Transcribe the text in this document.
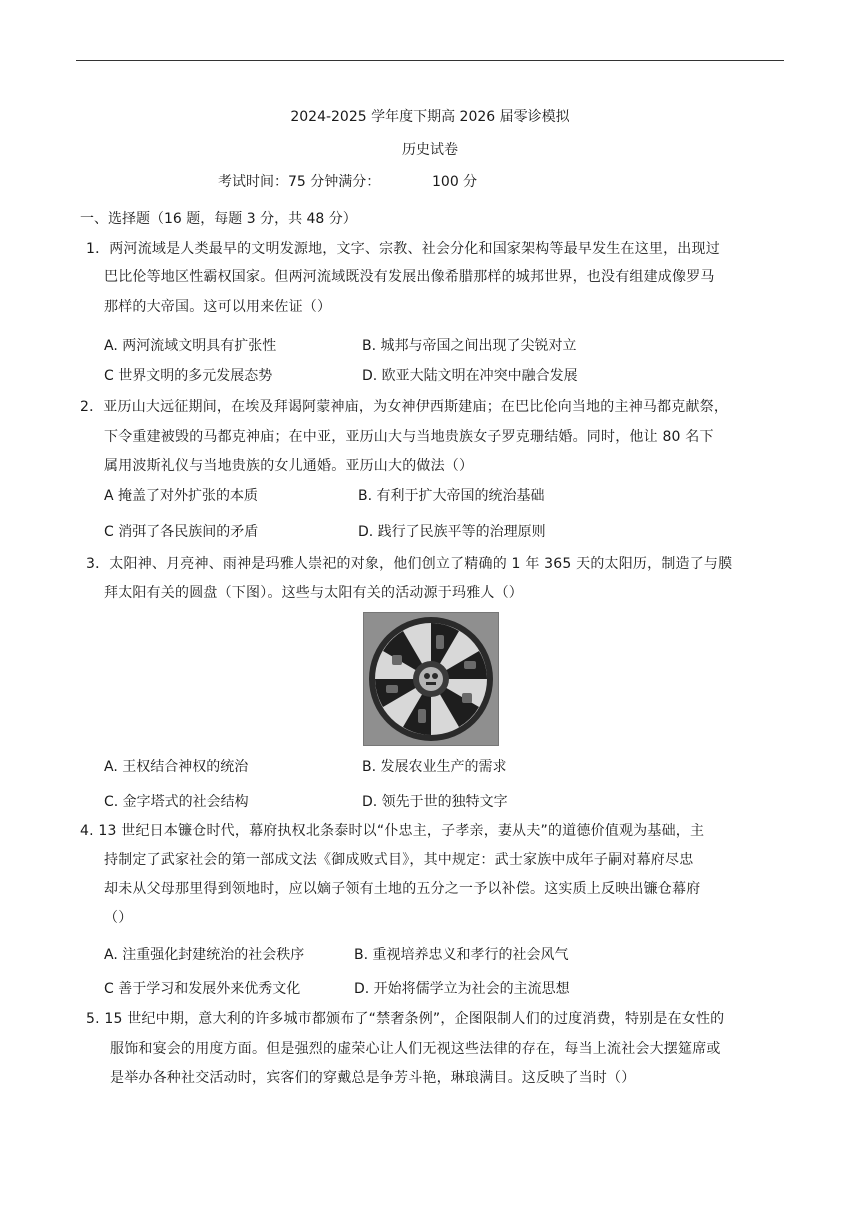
2024-2025 学年度下期高 2026 届零诊模拟
历史试卷
考试时间：75 分钟满分：	100 分
一、选择题（16 题，每题 3 分，共 48 分）
1．两河流域是人类最早的文明发源地，文字、宗教、社会分化和国家架构等最早发生在这里，出现过
巴比伦等地区性霸权国家。但两河流域既没有发展出像希腊那样的城邦世界，也没有组建成像罗马
那样的大帝国。这可以用来佐证（）
A. 两河流域文明具有扩张性	B. 城邦与帝国之间出现了尖锐对立
C 世界文明的多元发展态势	D. 欧亚大陆文明在冲突中融合发展
2．亚历山大远征期间，在埃及拜谒阿蒙神庙，为女神伊西斯建庙；在巴比伦向当地的主神马都克献祭，
下令重建被毁的马都克神庙；在中亚，亚历山大与当地贵族女子罗克珊结婚。同时，他让 80 名下
属用波斯礼仪与当地贵族的女儿通婚。亚历山大的做法（）
A 掩盖了对外扩张的本质	B. 有利于扩大帝国的统治基础
C 消弭了各民族间的矛盾	D. 践行了民族平等的治理原则
3．太阳神、月亮神、雨神是玛雅人崇祀的对象，他们创立了精确的 1 年 365 天的太阳历，制造了与膜
拜太阳有关的圆盘（下图）。这些与太阳有关的活动源于玛雅人（）
A. 王权结合神权的统治	B. 发展农业生产的需求
C. 金字塔式的社会结构	D. 领先于世的独特文字
4. 13 世纪日本镰仓时代，幕府执权北条泰时以“仆忠主，子孝亲，妻从夫”的道德价值观为基础，主
持制定了武家社会的第一部成文法《御成败式目》，其中规定：武士家族中成年子嗣对幕府尽忠
却未从父母那里得到领地时，应以嫡子领有土地的五分之一予以补偿。这实质上反映出镰仓幕府
（）
A. 注重强化封建统治的社会秩序	B. 重视培养忠义和孝行的社会风气
C 善于学习和发展外来优秀文化	D. 开始将儒学立为社会的主流思想
5. 15 世纪中期，意大利的许多城市都颁布了“禁奢条例”，企图限制人们的过度消费，特别是在女性的
服饰和宴会的用度方面。但是强烈的虚荣心让人们无视这些法律的存在，每当上流社会大摆筵席或
是举办各种社交活动时，宾客们的穿戴总是争芳斗艳，琳琅满目。这反映了当时（）
